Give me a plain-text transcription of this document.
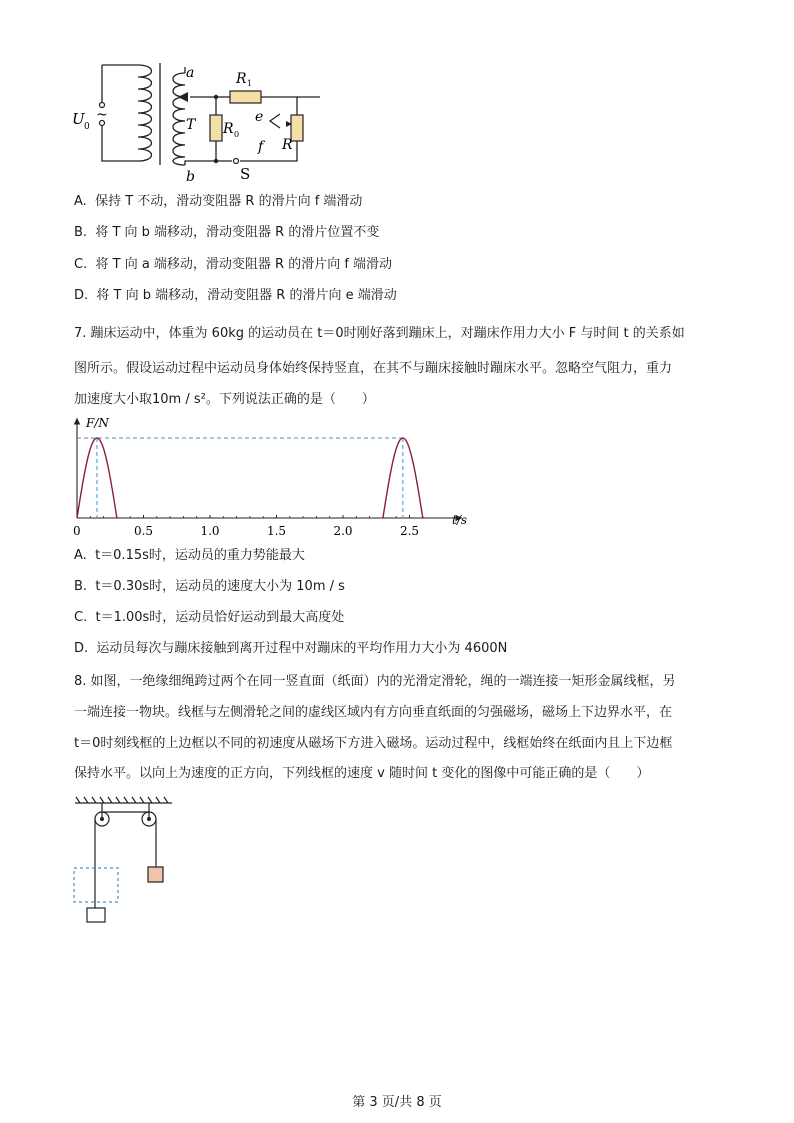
U 0
~
a
b
T
R 1
R 0
e
f R
S
A. 保持 T 不动，滑动变阻器 R 的滑片向 f 端滑动
B. 将 T 向 b 端移动，滑动变阻器 R 的滑片位置不变
C. 将 T 向 a 端移动，滑动变阻器 R 的滑片向 f 端滑动
D. 将 T 向 b 端移动，滑动变阻器 R 的滑片向 e 端滑动
7. 蹦床运动中，体重为 60kg 的运动员在 t＝0时刚好落到蹦床上，对蹦床作用力大小 F 与时间 t 的关系如
图所示。假设运动过程中运动员身体始终保持竖直，在其不与蹦床接触时蹦床水平。忽略空气阻力，重力
加速度大小取10m / s²。下列说法正确的是（　　）
F/N
t/s
0	0.5	1.0	1.5	2.0	2.5
A. t＝0.15s时，运动员的重力势能最大
B. t＝0.30s时，运动员的速度大小为 10m / s
C. t＝1.00s时，运动员恰好运动到最大高度处
D. 运动员每次与蹦床接触到离开过程中对蹦床的平均作用力大小为 4600N
8. 如图，一绝缘细绳跨过两个在同一竖直面（纸面）内的光滑定滑轮，绳的一端连接一矩形金属线框，另
一端连接一物块。线框与左侧滑轮之间的虚线区域内有方向垂直纸面的匀强磁场，磁场上下边界水平，在
t＝0时刻线框的上边框以不同的初速度从磁场下方进入磁场。运动过程中，线框始终在纸面内且上下边框
保持水平。以向上为速度的正方向，下列线框的速度 v 随时间 t 变化的图像中可能正确的是（　　）
第 3 页/共 8 页
